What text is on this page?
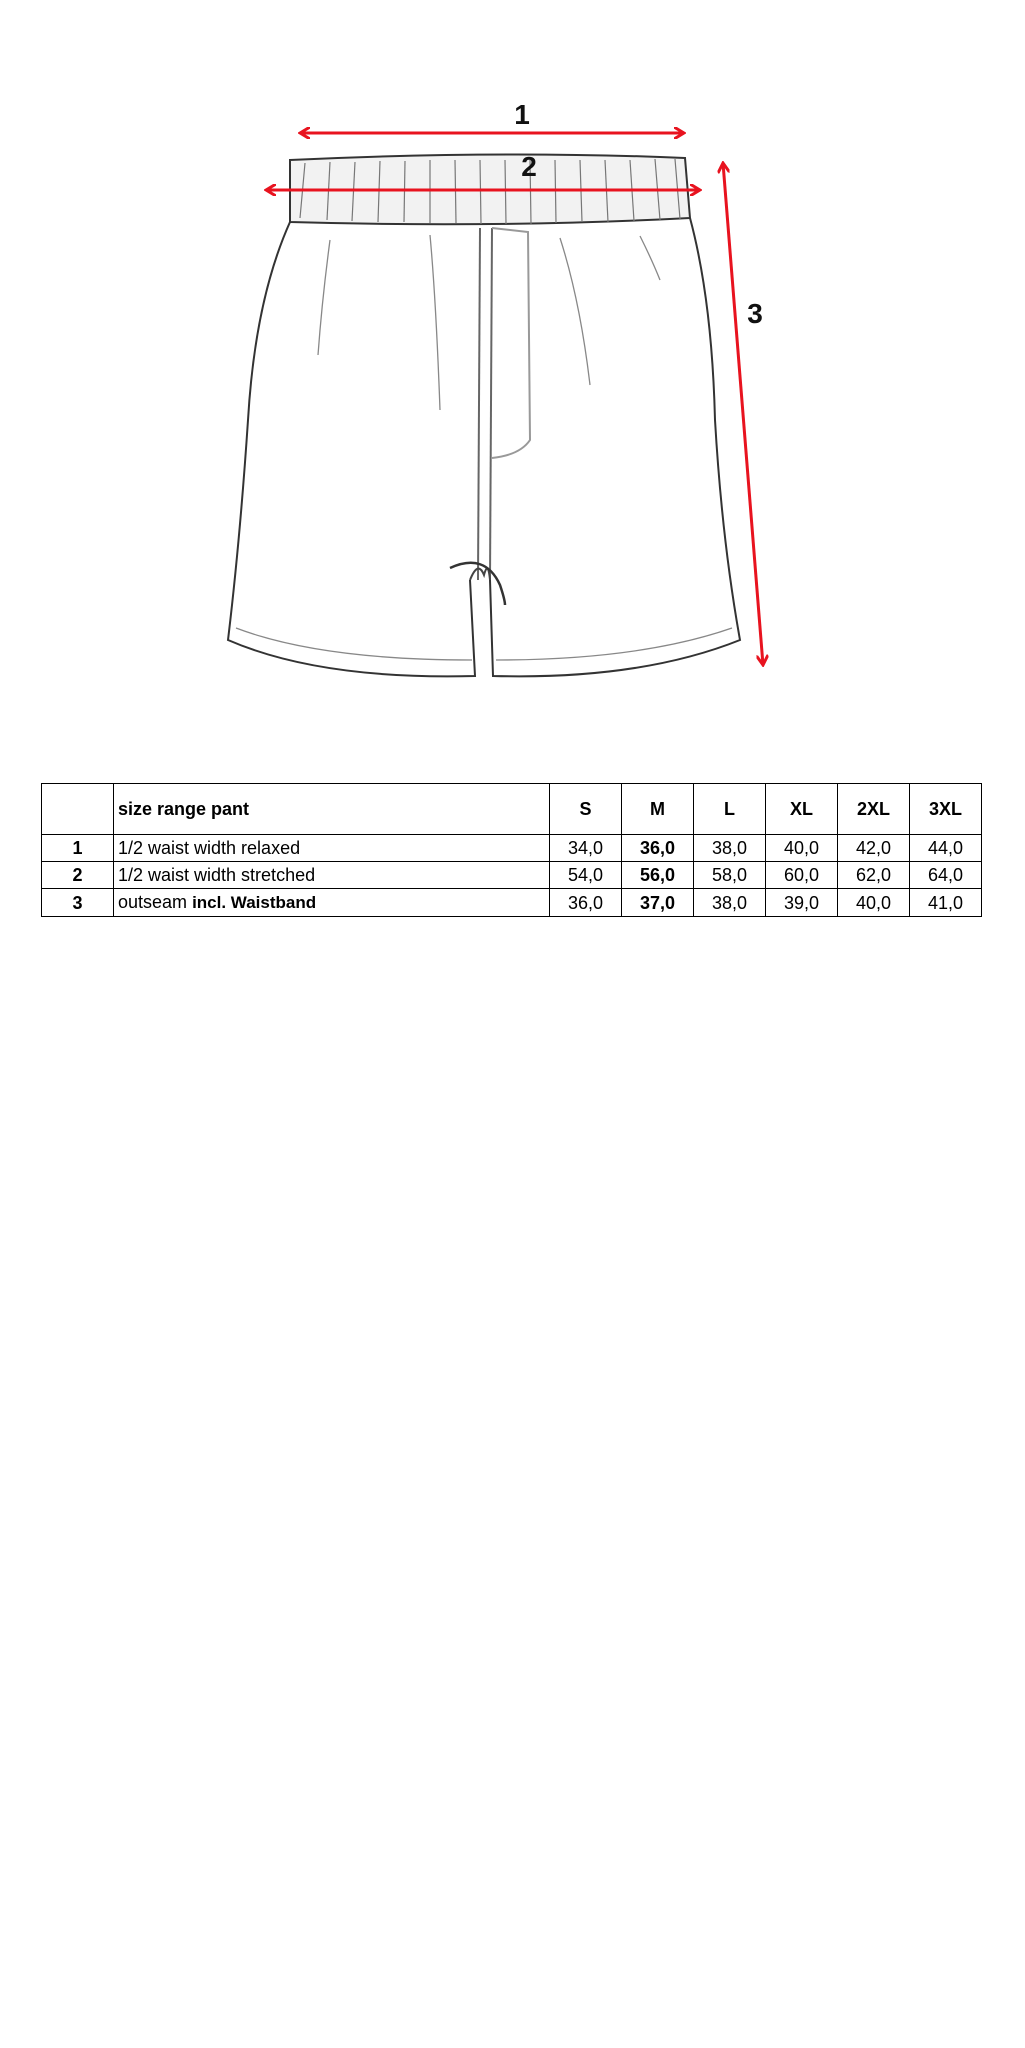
1
2
3
	size range pant	S	M	L	XL	2XL	3XL
1	1/2 waist width relaxed	34,0	36,0	38,0	40,0	42,0	44,0
2	1/2 waist width stretched	54,0	56,0	58,0	60,0	62,0	64,0
3	outseam incl. Waistband	36,0	37,0	38,0	39,0	40,0	41,0
